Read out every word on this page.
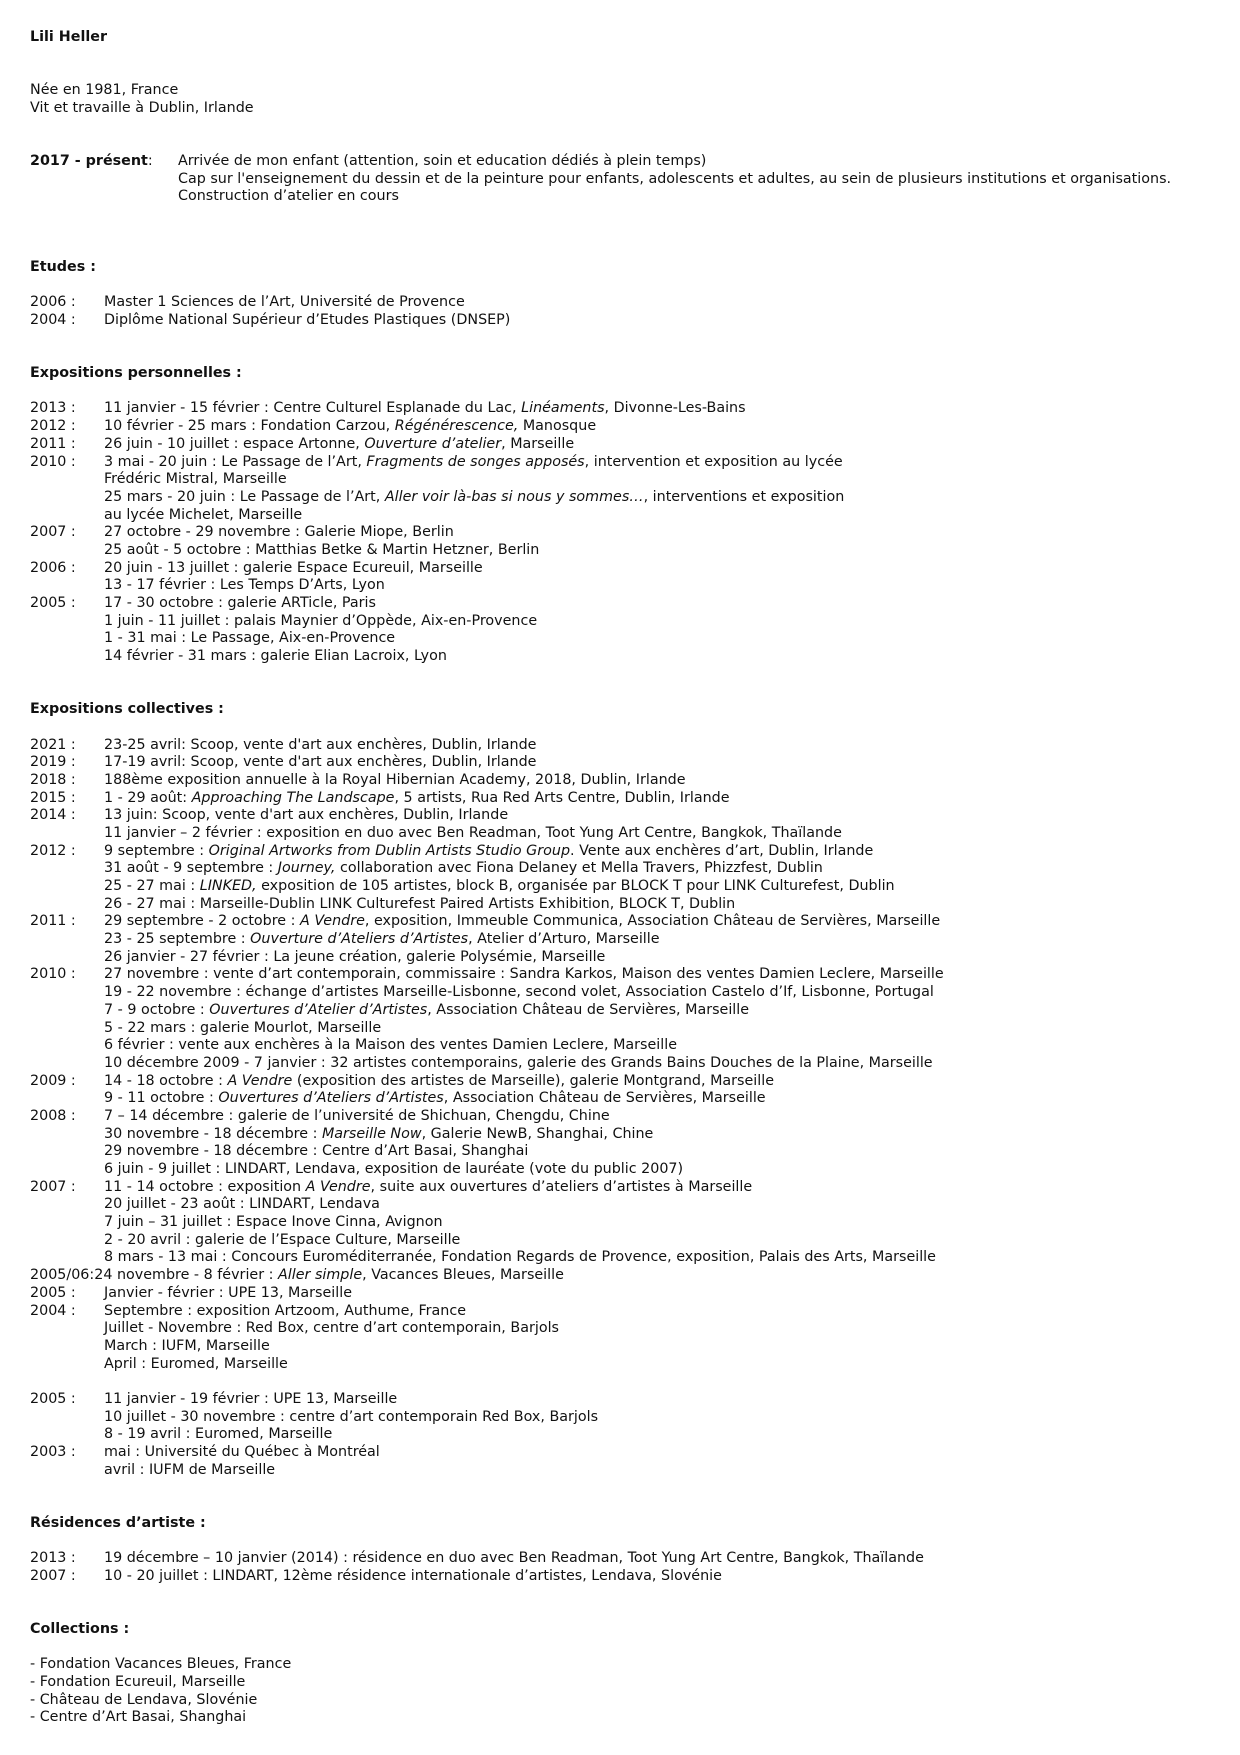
Lili Heller
Née en 1981, France
Vit et travaille à Dublin, Irlande
2017 - présent:	Arrivée de mon enfant (attention, soin et education dédiés à plein temps)
Cap sur l'enseignement du dessin et de la peinture pour enfants, adolescents et adultes, au sein de plusieurs institutions et organisations.
Construction d’atelier en cours
Etudes :
2006 :	Master 1 Sciences de l’Art, Université de Provence
2004 :	Diplôme National Supérieur d’Etudes Plastiques (DNSEP)
Expositions personnelles :
2013 :	11 janvier - 15 février : Centre Culturel Esplanade du Lac, Linéaments, Divonne-Les-Bains
2012 :	10 février - 25 mars : Fondation Carzou, Régénérescence, Manosque
2011 :	26 juin - 10 juillet : espace Artonne, Ouverture d’atelier, Marseille
2010 :	3 mai - 20 juin : Le Passage de l’Art, Fragments de songes apposés, intervention et exposition au lycée
Frédéric Mistral, Marseille
25 mars - 20 juin : Le Passage de l’Art, Aller voir là-bas si nous y sommes…, interventions et exposition
au lycée Michelet, Marseille
2007 :	27 octobre - 29 novembre : Galerie Miope, Berlin
25 août - 5 octobre : Matthias Betke & Martin Hetzner, Berlin
2006 :	20 juin - 13 juillet : galerie Espace Ecureuil, Marseille
13 - 17 février : Les Temps D’Arts, Lyon
2005 :	17 - 30 octobre : galerie ARTicle, Paris
1 juin - 11 juillet : palais Maynier d’Oppède, Aix-en-Provence
1 - 31 mai : Le Passage, Aix-en-Provence
14 février - 31 mars : galerie Elian Lacroix, Lyon
Expositions collectives :
2021 :	23-25 avril: Scoop, vente d'art aux enchères, Dublin, Irlande
2019 :	17-19 avril: Scoop, vente d'art aux enchères, Dublin, Irlande
2018 :	188ème exposition annuelle à la Royal Hibernian Academy, 2018, Dublin, Irlande
2015 :	1 - 29 août: Approaching The Landscape, 5 artists, Rua Red Arts Centre, Dublin, Irlande
2014 :	13 juin: Scoop, vente d'art aux enchères, Dublin, Irlande
11 janvier – 2 février : exposition en duo avec Ben Readman, Toot Yung Art Centre, Bangkok, Thaïlande
2012 :	9 septembre : Original Artworks from Dublin Artists Studio Group. Vente aux enchères d’art, Dublin, Irlande
31 août - 9 septembre : Journey, collaboration avec Fiona Delaney et Mella Travers, Phizzfest, Dublin
25 - 27 mai : LINKED, exposition de 105 artistes, block B, organisée par BLOCK T pour LINK Culturefest, Dublin
26 - 27 mai : Marseille-Dublin LINK Culturefest Paired Artists Exhibition, BLOCK T, Dublin
2011 :	29 septembre - 2 octobre : A Vendre, exposition, Immeuble Communica, Association Château de Servières, Marseille
23 - 25 septembre : Ouverture d’Ateliers d’Artistes, Atelier d’Arturo, Marseille
26 janvier - 27 février : La jeune création, galerie Polysémie, Marseille
2010 :	27 novembre : vente d’art contemporain, commissaire : Sandra Karkos, Maison des ventes Damien Leclere, Marseille
19 - 22 novembre : échange d’artistes Marseille-Lisbonne, second volet, Association Castelo d’If, Lisbonne, Portugal
7 - 9 octobre : Ouvertures d’Atelier d’Artistes, Association Château de Servières, Marseille
5 - 22 mars : galerie Mourlot, Marseille
6 février : vente aux enchères à la Maison des ventes Damien Leclere, Marseille
10 décembre 2009 - 7 janvier : 32 artistes contemporains, galerie des Grands Bains Douches de la Plaine, Marseille
2009 :	14 - 18 octobre : A Vendre (exposition des artistes de Marseille), galerie Montgrand, Marseille
9 - 11 octobre : Ouvertures d’Ateliers d’Artistes, Association Château de Servières, Marseille
2008 :	7 – 14 décembre : galerie de l’université de Shichuan, Chengdu, Chine
30 novembre - 18 décembre : Marseille Now, Galerie NewB, Shanghai, Chine
29 novembre - 18 décembre : Centre d’Art Basai, Shanghai
6 juin - 9 juillet : LINDART, Lendava, exposition de lauréate (vote du public 2007)
2007 :	11 - 14 octobre : exposition A Vendre, suite aux ouvertures d’ateliers d’artistes à Marseille
20 juillet - 23 août : LINDART, Lendava
7 juin – 31 juillet : Espace Inove Cinna, Avignon
2 - 20 avril : galerie de l’Espace Culture, Marseille
8 mars - 13 mai : Concours Euroméditerranée, Fondation Regards de Provence, exposition, Palais des Arts, Marseille
2005/06: 24 novembre - 8 février : Aller simple, Vacances Bleues, Marseille
2005 :	Janvier - février : UPE 13, Marseille
2004 :	Septembre : exposition Artzoom, Authume, France
Juillet - Novembre : Red Box, centre d’art contemporain, Barjols
March : IUFM, Marseille
April : Euromed, Marseille
2005 :	11 janvier - 19 février : UPE 13, Marseille
10 juillet - 30 novembre : centre d’art contemporain Red Box, Barjols
8 - 19 avril : Euromed, Marseille
2003 :	mai : Université du Québec à Montréal
avril : IUFM de Marseille
Résidences d’artiste :
2013 :	19 décembre – 10 janvier (2014) : résidence en duo avec Ben Readman, Toot Yung Art Centre, Bangkok, Thaïlande
2007 :	10 - 20 juillet : LINDART, 12ème résidence internationale d’artistes, Lendava, Slovénie
Collections :
- Fondation Vacances Bleues, France
- Fondation Ecureuil, Marseille
- Château de Lendava, Slovénie
- Centre d’Art Basai, Shanghai
